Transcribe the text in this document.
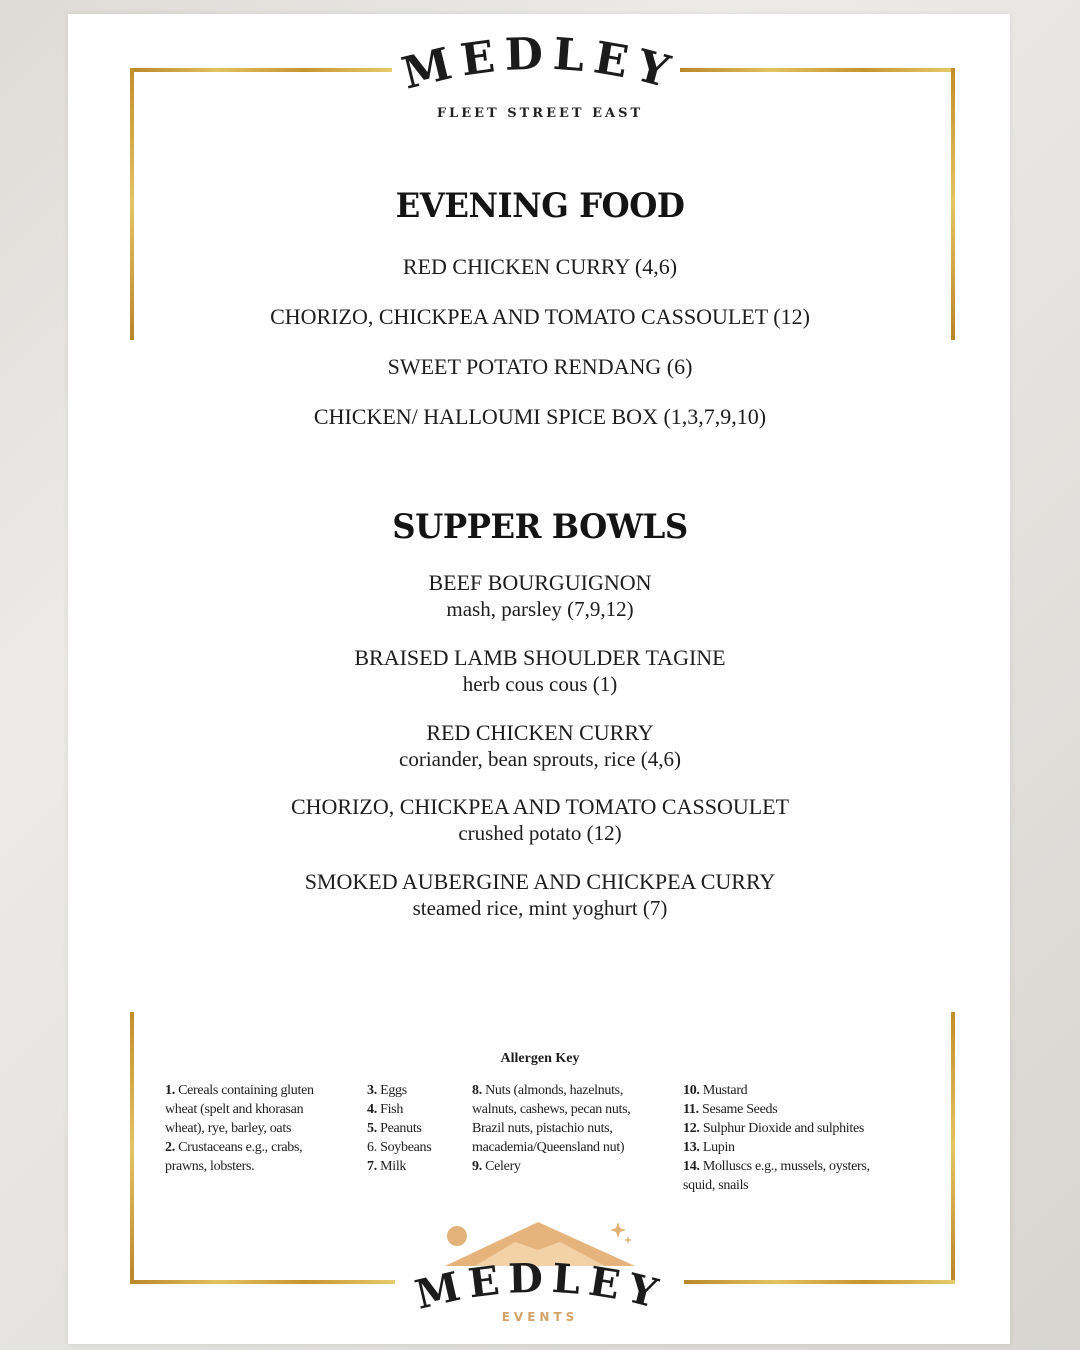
MEDLEY
FLEET STREET EAST
EVENING FOOD
RED CHICKEN CURRY (4,6)
CHORIZO, CHICKPEA AND TOMATO CASSOULET (12)
SWEET POTATO RENDANG (6)
CHICKEN/ HALLOUMI SPICE BOX (1,3,7,9,10)
SUPPER BOWLS
BEEF BOURGUIGNON
mash, parsley (7,9,12)
BRAISED LAMB SHOULDER TAGINE
herb cous cous (1)
RED CHICKEN CURRY
coriander, bean sprouts, rice (4,6)
CHORIZO, CHICKPEA AND TOMATO CASSOULET
crushed potato (12)
SMOKED AUBERGINE AND CHICKPEA CURRY
steamed rice, mint yoghurt (7)
Allergen Key
1. Cereals containing gluten
wheat (spelt and khorasan
wheat), rye, barley, oats
2. Crustaceans e.g., crabs,
prawns, lobsters.
3. Eggs
4. Fish
5. Peanuts
6. Soybeans
7. Milk
8. Nuts (almonds, hazelnuts,
walnuts, cashews, pecan nuts,
Brazil nuts, pistachio nuts,
macademia/Queensland nut)
9. Celery
10. Mustard
11. Sesame Seeds
12. Sulphur Dioxide and sulphites
13. Lupin
14. Molluscs e.g., mussels, oysters,
squid, snails
MEDLEY
EVENTS
